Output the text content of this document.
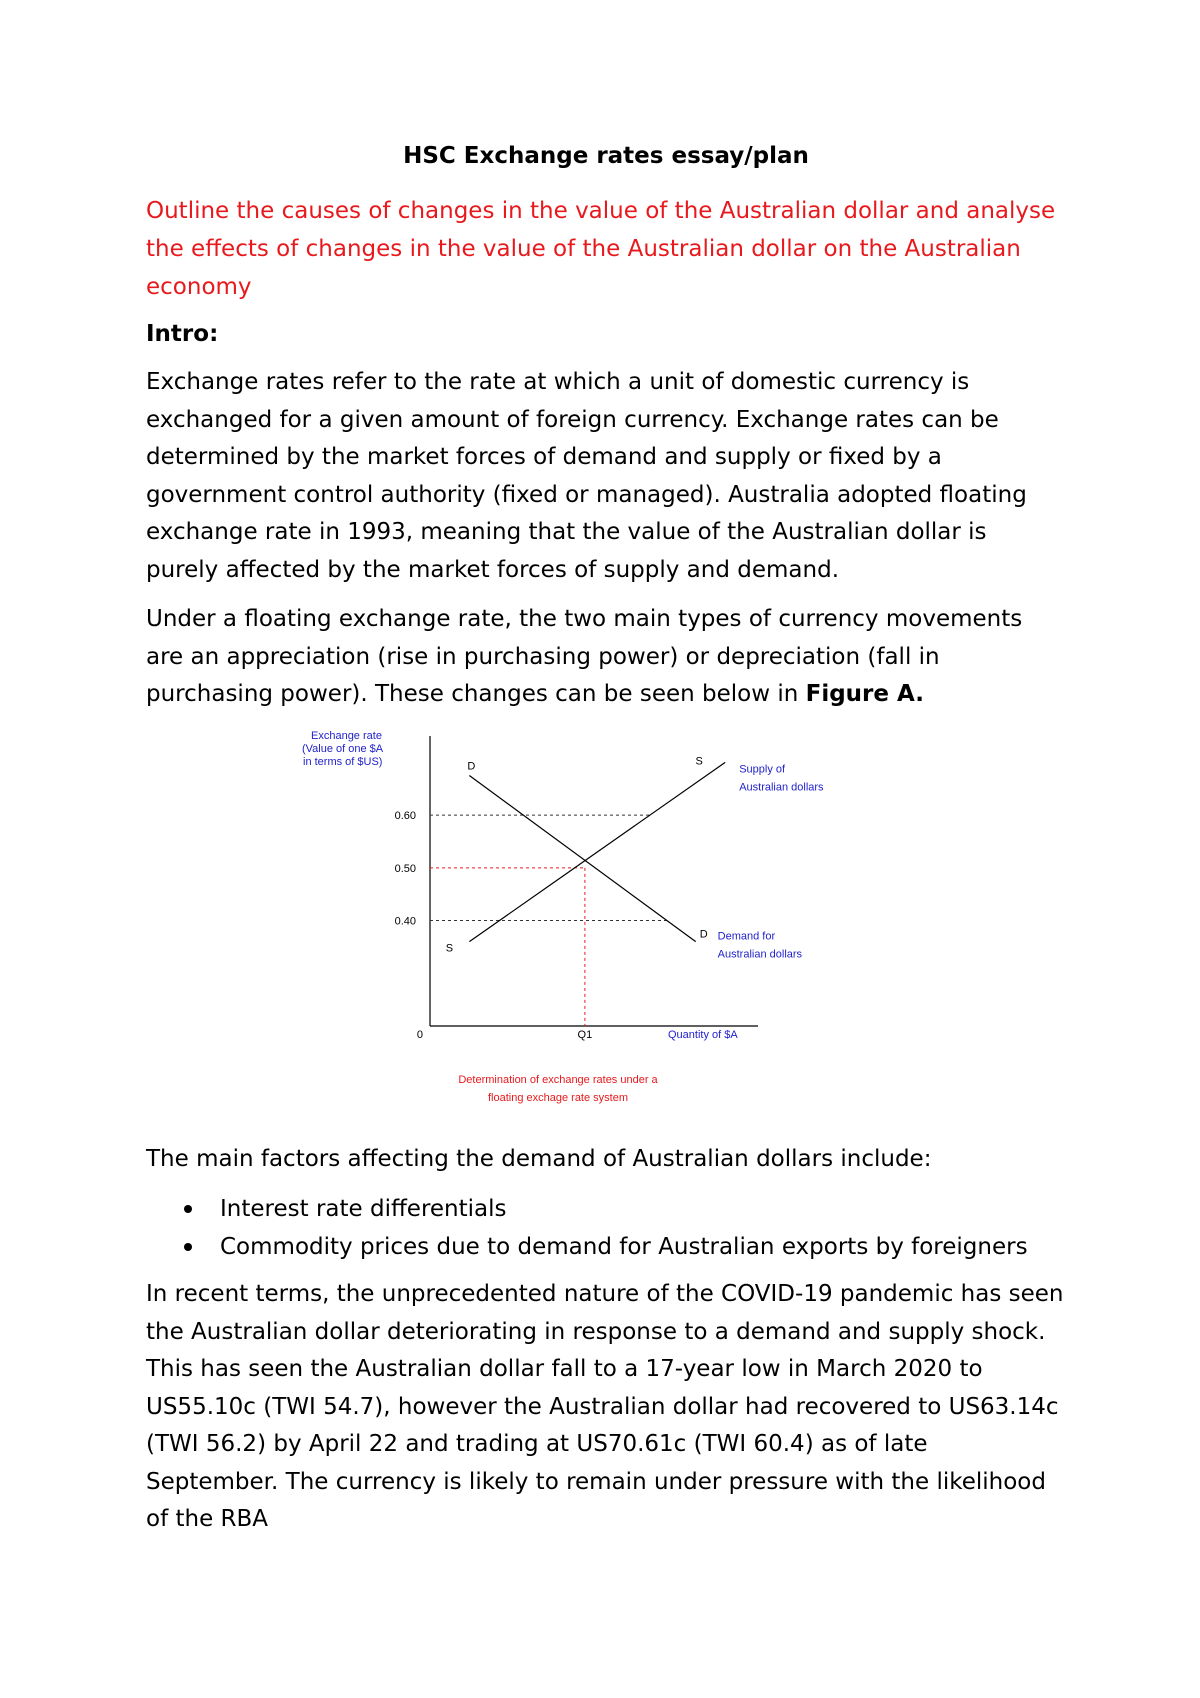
HSC Exchange rates essay/plan

Outline the causes of changes in the value of the Australian dollar and analyse the effects of changes in the value of the Australian dollar on the Australian economy

Intro:

Exchange rates refer to the rate at which a unit of domestic currency is exchanged for a given amount of foreign currency. Exchange rates can be determined by the market forces of demand and supply or fixed by a government control authority (fixed or managed). Australia adopted floating exchange rate in 1993, meaning that the value of the Australian dollar is purely affected by the market forces of supply and demand.

Under a floating exchange rate, the two main types of currency movements are an appreciation (rise in purchasing power) or depreciation (fall in purchasing power). These changes can be seen below in Figure A.

Exchange rate
(Value of one $A
in terms of $US)
0.40
0.50
0.60
Q1
S
S
D
D
Supply of
Australian dollars
Demand for
Australian dollars
0	Quantity of $A
Determination of exchange rates under a
floating exchage rate system

The main factors affecting the demand of Australian dollars include:

Interest rate differentials
Commodity prices due to demand for Australian exports by foreigners

In recent terms, the unprecedented nature of the COVID-19 pandemic has seen the Australian dollar deteriorating in response to a demand and supply shock. This has seen the Australian dollar fall to a 17-year low in March 2020 to US55.10c (TWI 54.7), however the Australian dollar had recovered to US63.14c (TWI 56.2) by April 22 and trading at US70.61c (TWI 60.4) as of late September. The currency is likely to remain under pressure with the likelihood of the RBA
